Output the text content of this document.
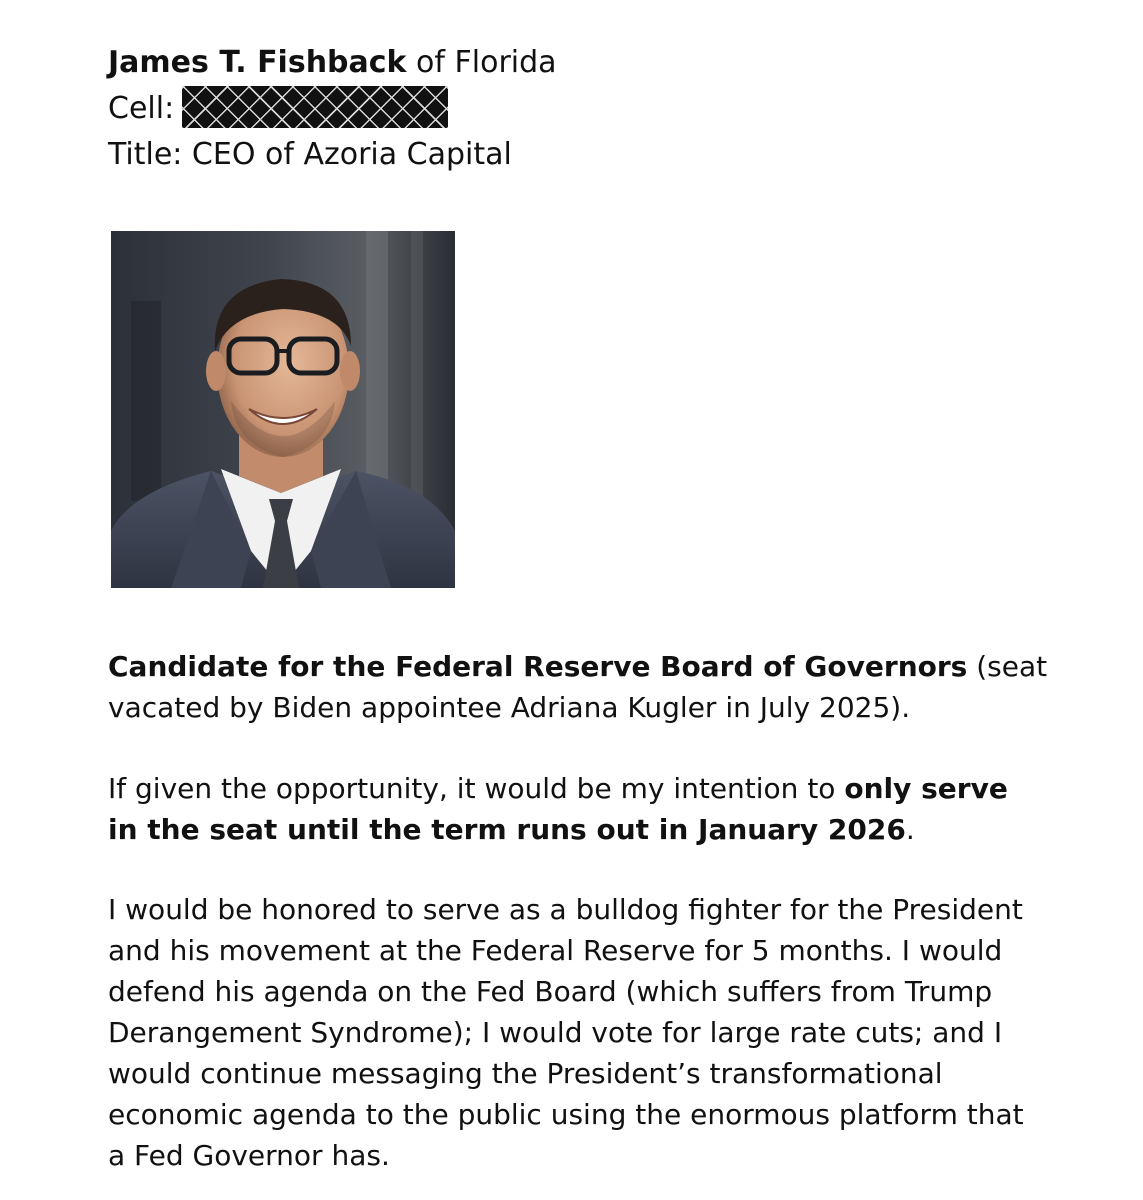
James T. Fishback of Florida
Cell:
Title: CEO of Azoria Capital
Candidate for the Federal Reserve Board of Governors (seat
vacated by Biden appointee Adriana Kugler in July 2025).
If given the opportunity, it would be my intention to only serve
in the seat until the term runs out in January 2026.
I would be honored to serve as a bulldog fighter for the President
and his movement at the Federal Reserve for 5 months. I would
defend his agenda on the Fed Board (which suffers from Trump
Derangement Syndrome); I would vote for large rate cuts; and I
would continue messaging the President’s transformational
economic agenda to the public using the enormous platform that
a Fed Governor has.
